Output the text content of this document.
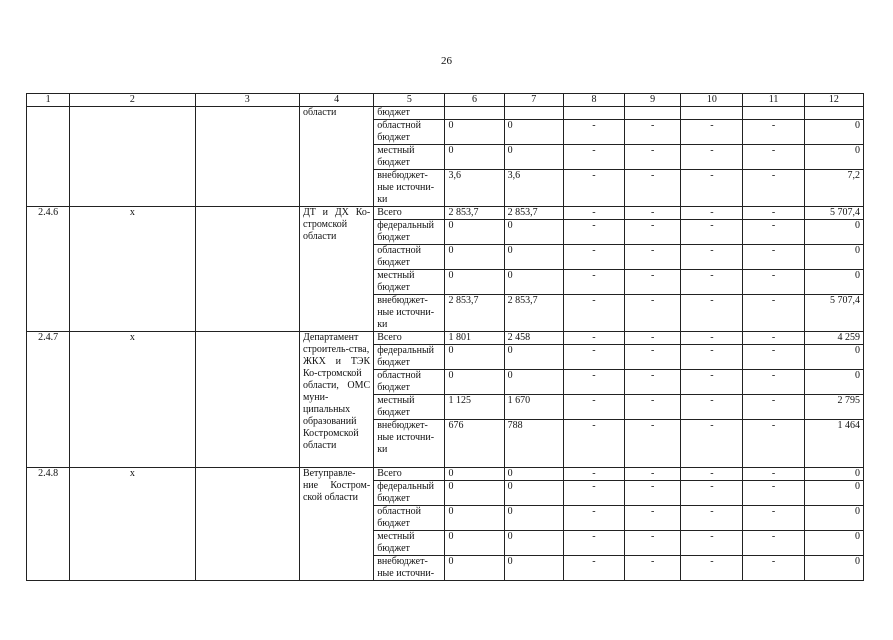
26
1	2	3	4	5	6	7	8	9	10	11	12
			области	бюджет							
				областной бюджет	0	0	-	-	-	-	0
				местный бюджет	0	0	-	-	-	-	0
				внебюджет-ные источни-ки	3,6	3,6	-	-	-	-	7,2
2.4.6	х		ДТ и ДХ Ко-стромской области	Всего	2 853,7	2 853,7	-	-	-	-	5 707,4
				федеральный бюджет	0	0	-	-	-	-	0
				областной бюджет	0	0	-	-	-	-	0
				местный бюджет	0	0	-	-	-	-	0
				внебюджет-ные источни-ки	2 853,7	2 853,7	-	-	-	-	5 707,4
2.4.7	х		Департамент строитель-ства, ЖКХ и ТЭК Ко-стромской области, ОМС муни-ципальных образований Костромской области	Всего	1 801	2 458	-	-	-	-	4 259
				федеральный бюджет	0	0	-	-	-	-	0
				областной бюджет	0	0	-	-	-	-	0
				местный бюджет	1 125	1 670	-	-	-	-	2 795
				внебюджет-ные источни-ки	676	788	-	-	-	-	1 464
2.4.8	х		Ветуправле-ние Костром-ской области	Всего	0	0	-	-	-	-	0
				федеральный бюджет	0	0	-	-	-	-	0
				областной бюджет	0	0	-	-	-	-	0
				местный бюджет	0	0	-	-	-	-	0
				внебюджет-ные источни-	0	0	-	-	-	-	0
